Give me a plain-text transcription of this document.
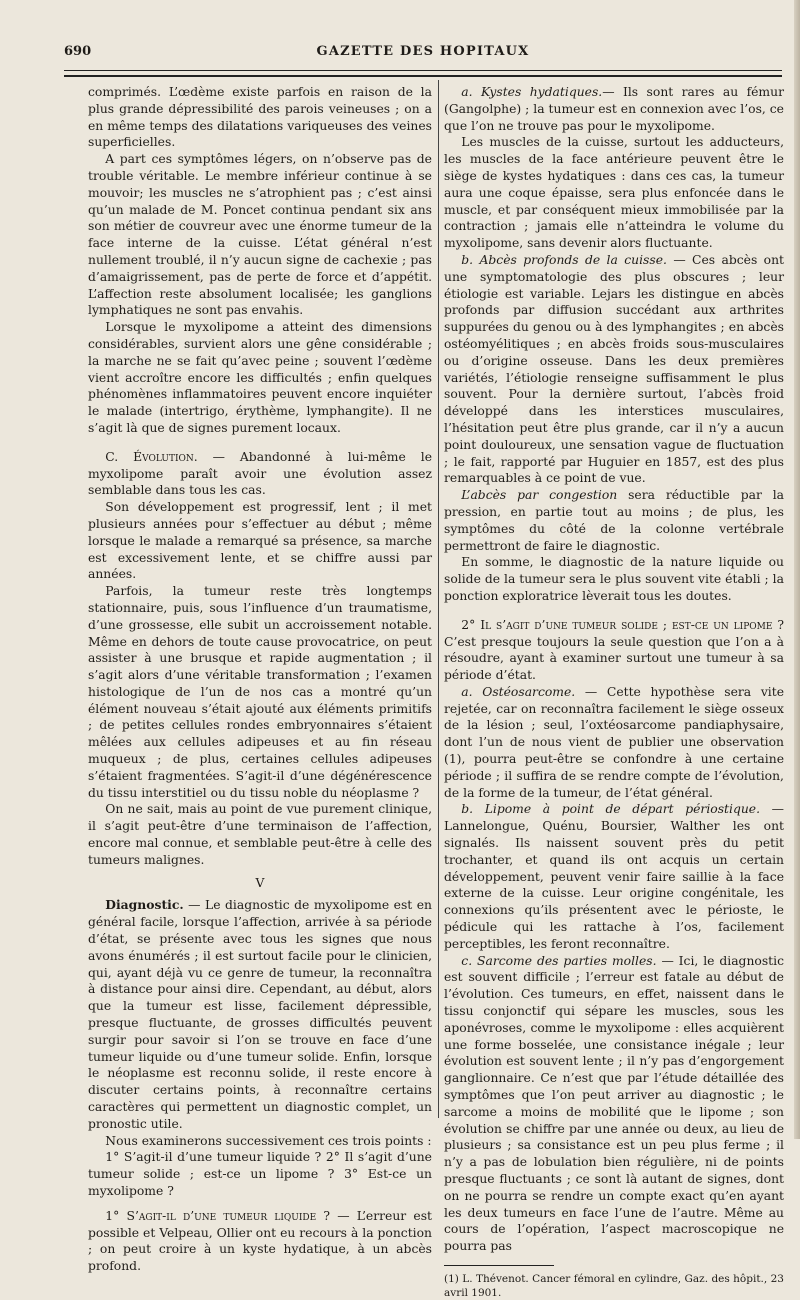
690	GAZETTE DES HOPITAUX

comprimés. L’œdème existe parfois en raison de la plus grande dépressibilité des parois veineuses ; on a en même temps des dilatations variqueuses des veines superficielles.

A part ces symptômes légers, on n’observe pas de trouble véritable. Le membre inférieur continue à se mouvoir; les muscles ne s’atrophient pas ; c’est ainsi qu’un malade de M. Poncet continua pendant six ans son métier de couvreur avec une énorme tumeur de la face interne de la cuisse. L’état général n’est nullement troublé, il n’y aucun signe de cachexie ; pas d’amaigrissement, pas de perte de force et d’appétit. L’affection reste absolument localisée; les ganglions lymphatiques ne sont pas envahis.

Lorsque le myxolipome a atteint des dimensions considérables, survient alors une gêne considérable ; la marche ne se fait qu’avec peine ; souvent l’œdème vient accroître encore les difficultés ; enfin quelques phénomènes inflammatoires peuvent encore inquiéter le malade (intertrigo, érythème, lymphangite). Il ne s’agit là que de signes purement locaux.

C. Évolution. — Abandonné à lui-même le myxolipome paraît avoir une évolution assez semblable dans tous les cas.

Son développement est progressif, lent ; il met plusieurs années pour s’effectuer au début ; même lorsque le malade a remarqué sa présence, sa marche est excessivement lente, et se chiffre aussi par années.

Parfois, la tumeur reste très longtemps stationnaire, puis, sous l’influence d’un traumatisme, d’une grossesse, elle subit un accroissement notable. Même en dehors de toute cause provocatrice, on peut assister à une brusque et rapide augmentation ; il s’agit alors d’une véritable transformation ; l’examen histologique de l’un de nos cas a montré qu’un élément nouveau s’était ajouté aux éléments primitifs ; de petites cellules rondes embryonnaires s’étaient mêlées aux cellules adipeuses et au fin réseau muqueux ; de plus, certaines cellules adipeuses s’étaient fragmentées. S’agit-il d’une dégénérescence du tissu interstitiel ou du tissu noble du néoplasme ?

On ne sait, mais au point de vue purement clinique, il s’agit peut-être d’une terminaison de l’affection, encore mal connue, et semblable peut-être à celle des tumeurs malignes.

V

Diagnostic. — Le diagnostic de myxolipome est en général facile, lorsque l’affection, arrivée à sa période d’état, se présente avec tous les signes que nous avons énumérés ; il est surtout facile pour le clinicien, qui, ayant déjà vu ce genre de tumeur, la reconnaîtra à distance pour ainsi dire. Cependant, au début, alors que la tumeur est lisse, facilement dépressible, presque fluctuante, de grosses difficultés peuvent surgir pour savoir si l’on se trouve en face d’une tumeur liquide ou d’une tumeur solide. Enfin, lorsque le néoplasme est reconnu solide, il reste encore à discuter certains points, à reconnaître certains caractères qui permettent un diagnostic complet, un pronostic utile.

Nous examinerons successivement ces trois points :

1° S’agit-il d’une tumeur liquide ? 2° Il s’agit d’une tumeur solide ; est-ce un lipome ? 3° Est-ce un myxolipome ?

1° S’agit-il d’une tumeur liquide ? — L’erreur est possible et Velpeau, Ollier ont eu recours à la ponction ; on peut croire à un kyste hydatique, à un abcès profond.

a. Kystes hydatiques.— Ils sont rares au fémur (Gangolphe) ; la tumeur est en connexion avec l’os, ce que l’on ne trouve pas pour le myxolipome.

Les muscles de la cuisse, surtout les adducteurs, les muscles de la face antérieure peuvent être le siège de kystes hydatiques : dans ces cas, la tumeur aura une coque épaisse, sera plus enfoncée dans le muscle, et par conséquent mieux immobilisée par la contraction ; jamais elle n’atteindra le volume du myxolipome, sans devenir alors fluctuante.

b. Abcès profonds de la cuisse. — Ces abcès ont une symptomatologie des plus obscures ; leur étiologie est variable. Lejars les distingue en abcès profonds par diffusion succédant aux arthrites suppurées du genou ou à des lymphangites ; en abcès ostéomyélitiques ; en abcès froids sous-musculaires ou d’origine osseuse. Dans les deux premières variétés, l’étiologie renseigne suffisamment le plus souvent. Pour la dernière surtout, l’abcès froid développé dans les interstices musculaires, l’hésitation peut être plus grande, car il n’y a aucun point douloureux, une sensation vague de fluctuation ; le fait, rapporté par Huguier en 1857, est des plus remarquables à ce point de vue.

L’abcès par congestion sera réductible par la pression, en partie tout au moins ; de plus, les symptômes du côté de la colonne vertébrale permettront de faire le diagnostic.

En somme, le diagnostic de la nature liquide ou solide de la tumeur sera le plus souvent vite établi ; la ponction exploratrice lèverait tous les doutes.

2° Il s’agit d’une tumeur solide ; est-ce un lipome ? C’est presque toujours la seule question que l’on a à résoudre, ayant à examiner surtout une tumeur à sa période d’état.

a. Ostéosarcome. — Cette hypothèse sera vite rejetée, car on reconnaîtra facilement le siège osseux de la lésion ; seul, l’oxtéosarcome pandiaphysaire, dont l’un de nous vient de publier une observation (1), pourra peut-être se confondre à une certaine période ; il suffira de se rendre compte de l’évolution, de la forme de la tumeur, de l’état général.

b. Lipome à point de départ périostique. — Lannelongue, Quénu, Boursier, Walther les ont signalés. Ils naissent souvent près du petit trochanter, et quand ils ont acquis un certain développement, peuvent venir faire saillie à la face externe de la cuisse. Leur origine congénitale, les connexions qu’ils présentent avec le périoste, le pédicule qui les rattache à l’os, facilement perceptibles, les feront reconnaître.

c. Sarcome des parties molles. — Ici, le diagnostic est souvent difficile ; l’erreur est fatale au début de l’évolution. Ces tumeurs, en effet, naissent dans le tissu conjonctif qui sépare les muscles, sous les aponévroses, comme le myxolipome : elles acquièrent une forme bosselée, une consistance inégale ; leur évolution est souvent lente ; il n’y pas d’engorgement ganglionnaire. Ce n’est que par l’étude détaillée des symptômes que l’on peut arriver au diagnostic ; le sarcome a moins de mobilité que le lipome ; son évolution se chiffre par une année ou deux, au lieu de plusieurs ; sa consistance est un peu plus ferme ; il n’y a pas de lobulation bien régulière, ni de points presque fluctuants ; ce sont là autant de signes, dont on ne pourra se rendre un compte exact qu’en ayant les deux tumeurs en face l’une de l’autre. Même au cours de l’opération, l’aspect macroscopique ne pourra pas

(1) L. Thévenot. Cancer fémoral en cylindre, Gaz. des hôpit., 23 avril 1901.
